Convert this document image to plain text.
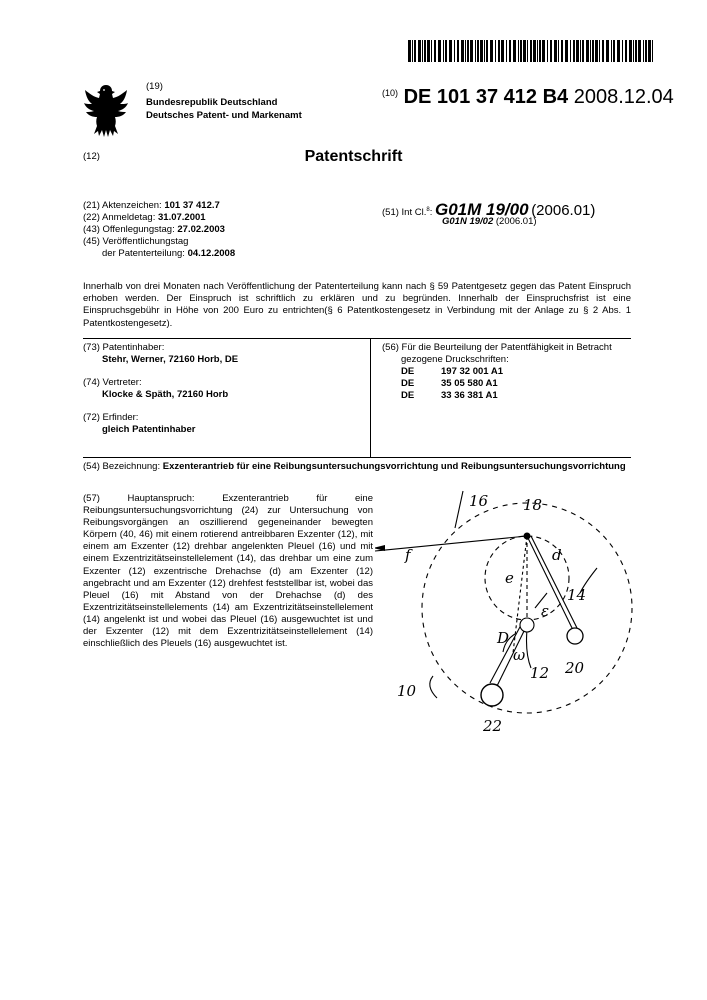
(19)
Bundesrepublik Deutschland
Deutsches Patent- und Markenamt
$^{(10)}$ DE 101 37 412 B4 2008.12.04
(12)	Patentschrift
(21) Aktenzeichen: 101 37 412.7
(22) Anmeldetag: 31.07.2001
(43) Offenlegungstag: 27.02.2003
(45) Veröffentlichungstag
der Patenterteilung: 04.12.2008
(51) Int Cl.$^8$: G01M 19/00 (2006.01)
G01N 19/02 (2006.01)
Innerhalb von drei Monaten nach Veröffentlichung der Patenterteilung kann nach § 59 Patentgesetz gegen das Patent Einspruch erhoben werden. Der Einspruch ist schriftlich zu erklären und zu begründen. Innerhalb der Einspruchsfrist ist eine Einspruchsgebühr in Höhe von 200 Euro zu entrichten(§ 6 Patentkostengesetz in Verbindung mit der Anlage zu § 2 Abs. 1 Patentkostengesetz).
(73) Patentinhaber:
Stehr, Werner, 72160 Horb, DE
(74) Vertreter:
Klocke & Späth, 72160 Horb
(72) Erfinder:
gleich Patentinhaber
(56) Für die Beurteilung der Patentfähigkeit in Betracht
gezogene Druckschriften:
DE	197 32 001 A1
DE	35 05 580 A1
DE	33 36 381 A1
(54) Bezeichnung: Exzenterantrieb für eine Reibungsuntersuchungsvorrichtung und Reibungsuntersuchungsvorrichtung
(57) Hauptanspruch:	Exzenterantrieb für eine Reibungsuntersuchungsvorrichtung (24) zur Untersuchung von Reibungsvorgängen an oszillierend gegeneinander bewegten Körpern (40, 46) mit einem rotierend antreibbaren Exzenter (12), mit einem am Exzenter (12) drehbar angelenkten Pleuel (16) und mit einem Exzentrizitätseinstellelement (14), das drehbar um eine zum Exzenter (12) exzentrische Drehachse (d) am Exzenter (12) angebracht und am Exzenter (12) drehfest feststellbar ist, wobei das Pleuel (16) mit Abstand von der Drehachse (d) des Exzentrizitätseinstellelements (14) am Exzentrizitätseinstellelement (14) angelenkt ist und wobei das Pleuel (16) ausgewuchtet ist und der Exzenter (12) mit dem Exzentrizitätseinstellelement (14) einschließlich des Pleuels (16) ausgewuchtet ist.
16 18
f	d
e
14
ε
D
ω
12 20
10
22
